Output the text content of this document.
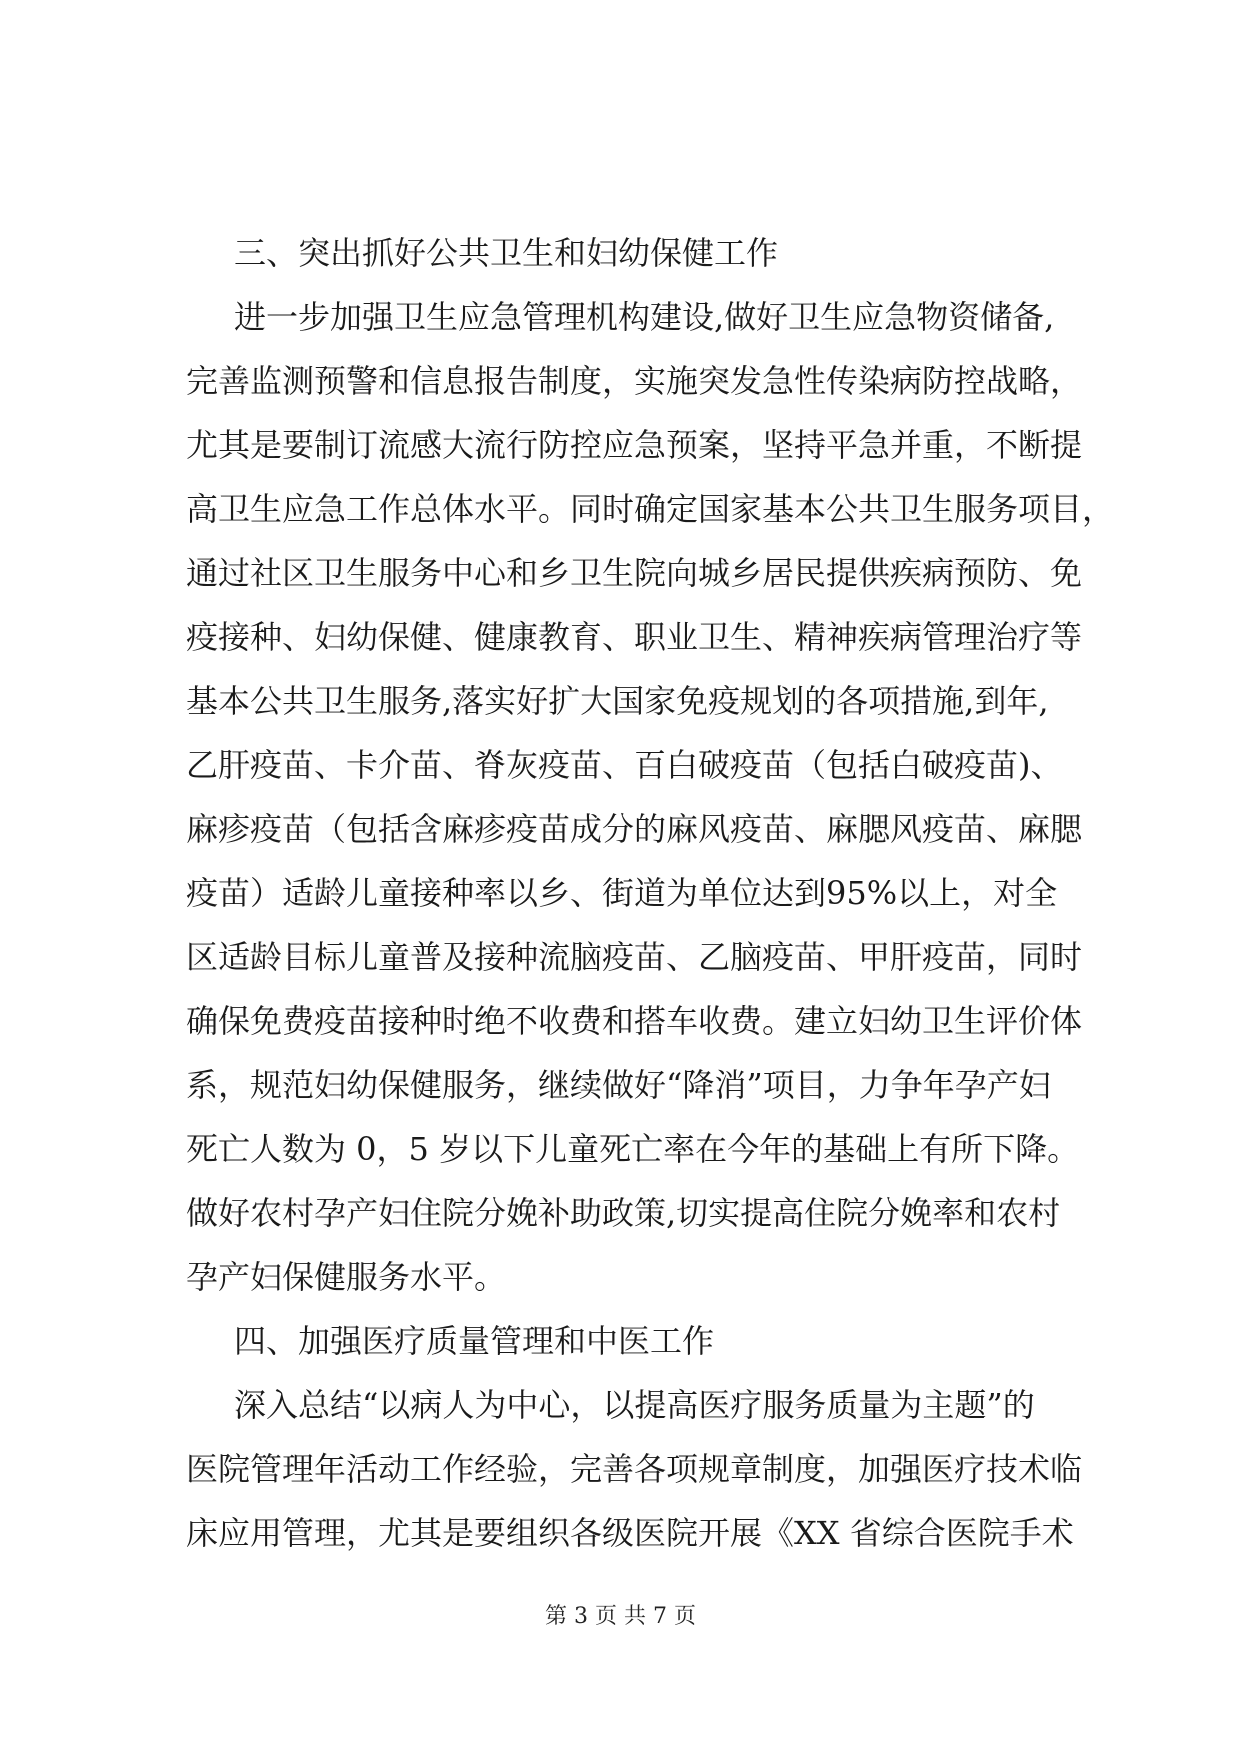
三、突出抓好公共卫生和妇幼保健工作
进一步加强卫生应急管理机构建设,做好卫生应急物资储备,
完善监测预警和信息报告制度，实施突发急性传染病防控战略，
尤其是要制订流感大流行防控应急预案，坚持平急并重，不断提
高卫生应急工作总体水平。同时确定国家基本公共卫生服务项目，
通过社区卫生服务中心和乡卫生院向城乡居民提供疾病预防、免
疫接种、妇幼保健、健康教育、职业卫生、精神疾病管理治疗等
基本公共卫生服务,落实好扩大国家免疫规划的各项措施,到年,
乙肝疫苗、卡介苗、脊灰疫苗、百白破疫苗（包括白破疫苗)、
麻疹疫苗（包括含麻疹疫苗成分的麻风疫苗、麻腮风疫苗、麻腮
疫苗）适龄儿童接种率以乡、街道为单位达到95%以上，对全
区适龄目标儿童普及接种流脑疫苗、乙脑疫苗、甲肝疫苗，同时
确保免费疫苗接种时绝不收费和搭车收费。建立妇幼卫生评价体
系，规范妇幼保健服务，继续做好“降消”项目，力争年孕产妇
死亡人数为 0，5 岁以下儿童死亡率在今年的基础上有所下降。
做好农村孕产妇住院分娩补助政策,切实提高住院分娩率和农村
孕产妇保健服务水平。
四、加强医疗质量管理和中医工作
深入总结“以病人为中心，以提高医疗服务质量为主题”的
医院管理年活动工作经验，完善各项规章制度，加强医疗技术临
床应用管理，尤其是要组织各级医院开展《XX 省综合医院手术
第 3 页 共 7 页
